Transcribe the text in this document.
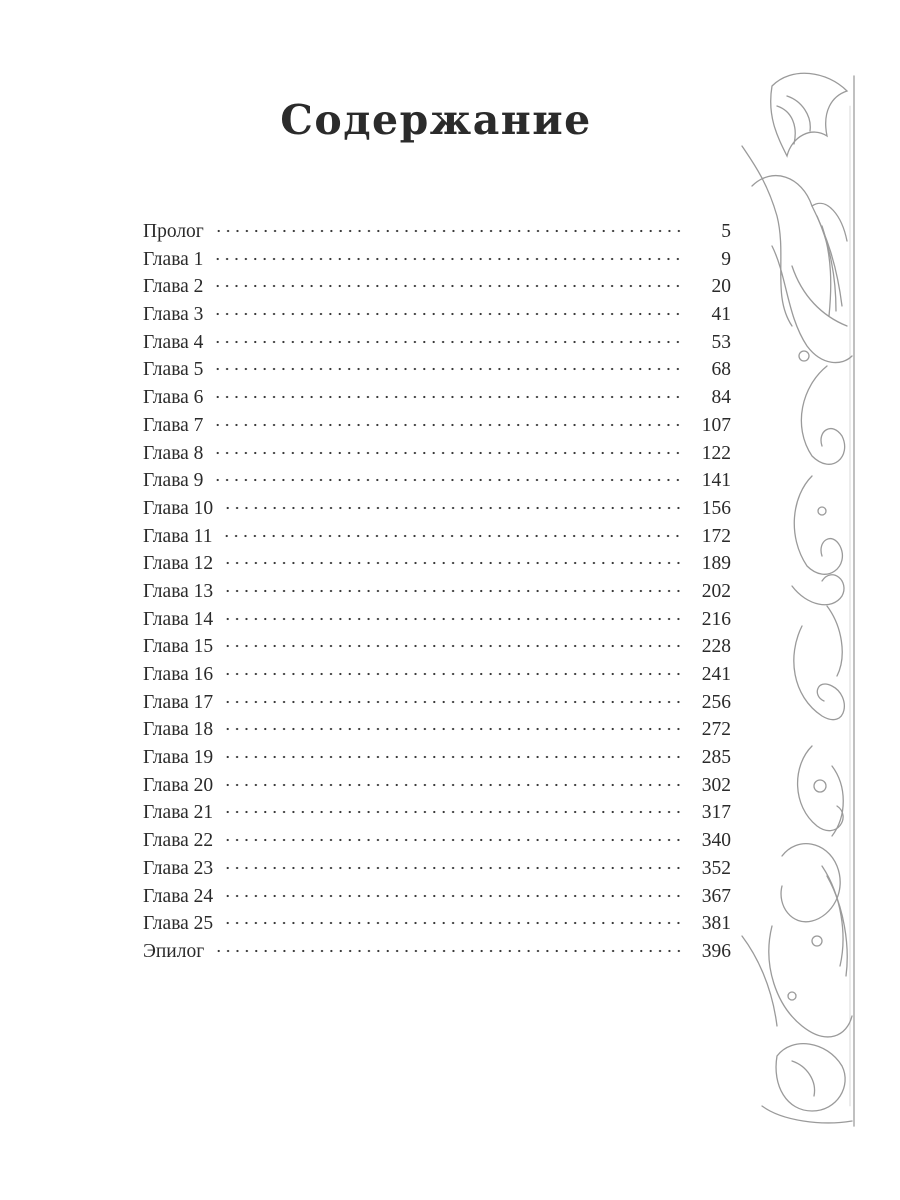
Содержание
Пролог	5
Глава 1	9
Глава 2	20
Глава 3	41
Глава 4	53
Глава 5	68
Глава 6	84
Глава 7	107
Глава 8	122
Глава 9	141
Глава 10	156
Глава 11	172
Глава 12	189
Глава 13	202
Глава 14	216
Глава 15	228
Глава 16	241
Глава 17	256
Глава 18	272
Глава 19	285
Глава 20	302
Глава 21	317
Глава 22	340
Глава 23	352
Глава 24	367
Глава 25	381
Эпилог	396
